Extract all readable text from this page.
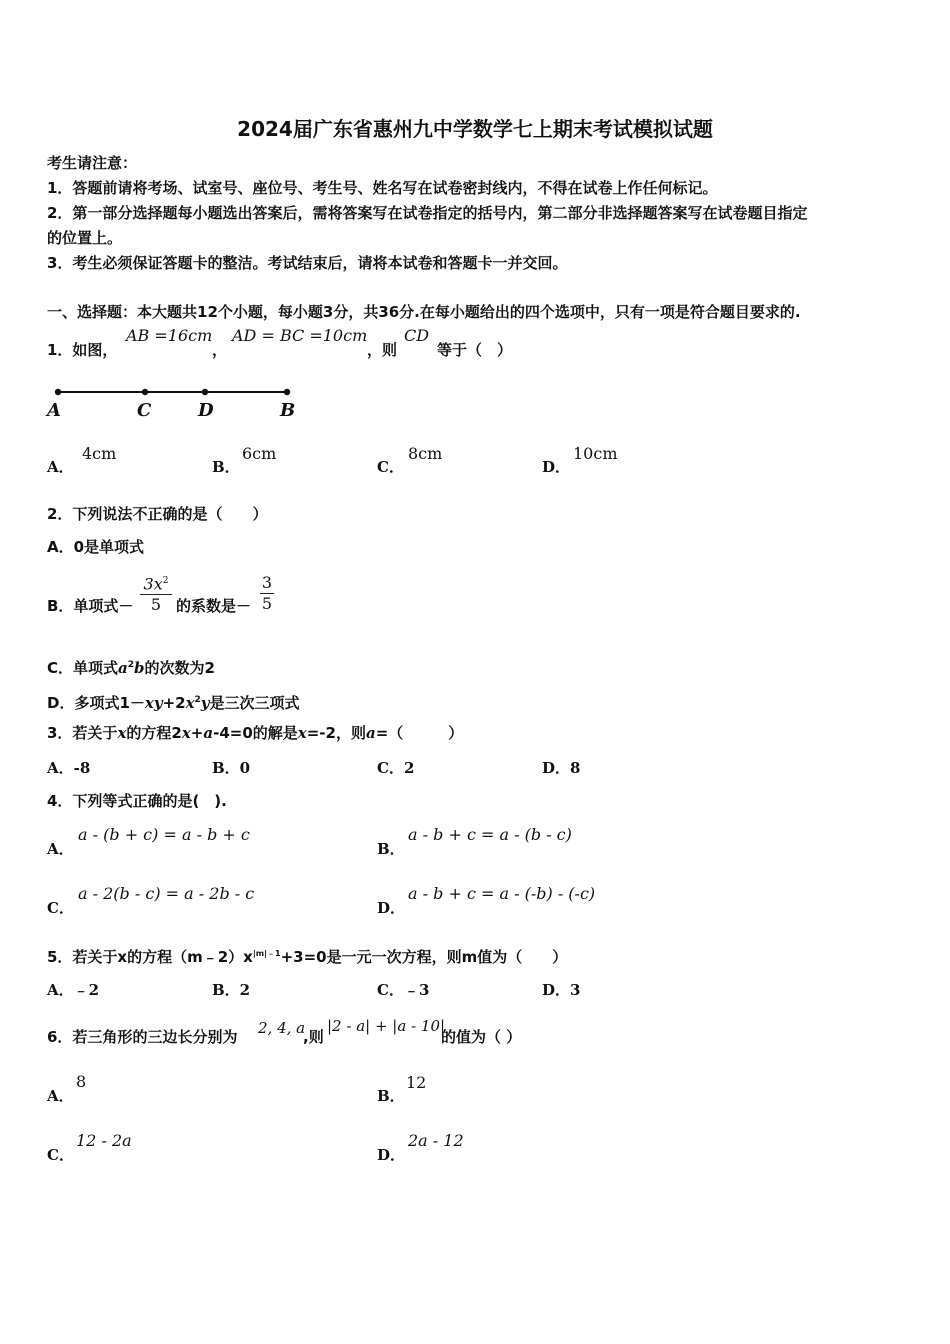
2024届广东省惠州九中学数学七上期末考试模拟试题
考生请注意：
1．答题前请将考场、试室号、座位号、考生号、姓名写在试卷密封线内，不得在试卷上作任何标记。
2．第一部分选择题每小题选出答案后，需将答案写在试卷指定的括号内，第二部分非选择题答案写在试卷题目指定
的位置上。
3．考生必须保证答题卡的整洁。考试结束后，请将本试卷和答题卡一并交回。
一、选择题：本大题共12个小题，每小题3分，共36分.在每小题给出的四个选项中，只有一项是符合题目要求的.
1．如图，
AB =16cm
，
AD = BC =10cm
，则
CD
等于（　）
A	C	D	B
A．
4cm
B．
6cm
C．
8cm
D．
10cm
2．下列说法不正确的是（　　）
A．0是单项式
B．单项式－
$3x^2$
5 的系数是－
3
5
C．单项式$a^2b$的次数为2
D．多项式$1-xy+2x^2y$是三次三项式
3．若关于x的方程2x+a-4=0的解是x=-2，则a=（　　　）
A．-8	B．0	C．2	D．8
4．下列等式正确的是(　).
A．
a - (b + c) = a - b + c
B．
a - b + c = a - (b - c)
C．
a - 2(b - c) = a - 2b - c
D．
a - b + c = a - (-b) - (-c)
5．若关于x的方程$(m﹣2)x^{|m|﹣1}+3=0$是一元一次方程，则m值为（　　）
A．﹣2	B．2	C．﹣3	D．3
6．若三角形的三边长分别为 2, 4, a
,则
|2 - a| + |a - 10|
的值为（ ）
A．
8
B．
12
C．
12 - 2a
D．
2a - 12
